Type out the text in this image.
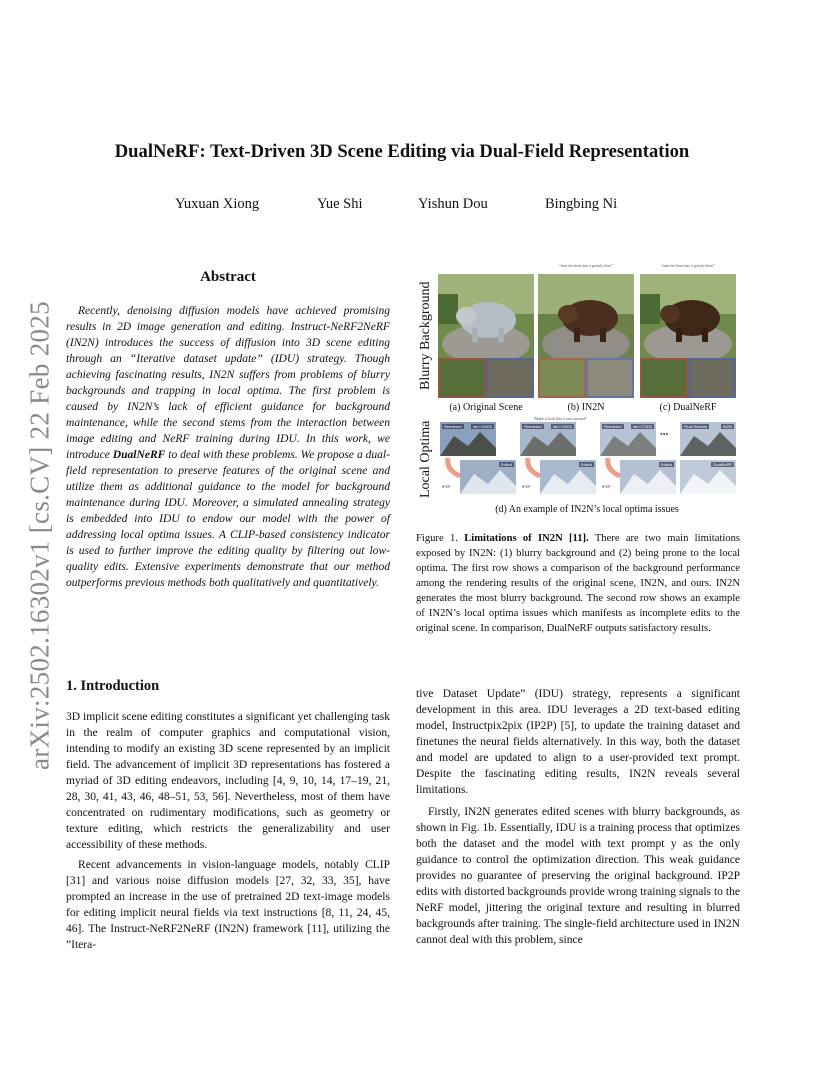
arXiv:2502.16302v1 [cs.CV] 22 Feb 2025
DualNeRF: Text-Driven 3D Scene Editing via Dual-Field Representation
Yuxuan Xiong	Yue Shi	Yishun Dou	Bingbing Ni
Abstract
Recently, denoising diffusion models have achieved promising results in 2D image generation and editing. Instruct-NeRF2NeRF (IN2N) introduces the success of diffusion into 3D scene editing through an “Iterative dataset update” (IDU) strategy. Though achieving fascinating results, IN2N suffers from problems of blurry backgrounds and trapping in local optima. The first problem is caused by IN2N’s lack of efficient guidance for background maintenance, while the second stems from the interaction between image editing and NeRF training during IDU. In this work, we introduce DualNeRF to deal with these problems. We propose a dual-field representation to preserve features of the original scene and utilize them as additional guidance to the model for background maintenance during IDU. Moreover, a simulated annealing strategy is embedded into IDU to endow our model with the power of addressing local optima issues. A CLIP-based consistency indicator is used to further improve the editing quality by filtering out low-quality edits. Extensive experiments demonstrate that our method outperforms previous methods both qualitatively and quantitatively.
Blurry Background
Local Optima
“turn the bear into a grizzly bear”	“turn the bear into a grizzly bear”
(a) Original Scene	(b) IN2N	(c) DualNeRF
“Make it look like it just snowed”
Rendered	Iter=10500	Rendered	Iter=13000	Rendered	Iter=17300
•••
Final Results	IN2N
IP2P	IP2P	IP2P
Edited	Edited	Edited	DualNeRF
(d) An example of IN2N’s local optima issues
Figure 1. Limitations of IN2N [11]. There are two main limitations exposed by IN2N: (1) blurry background and (2) being prone to the local optima. The first row shows a comparison of the background performance among the rendering results of the original scene, IN2N, and ours. IN2N generates the most blurry background. The second row shows an example of IN2N’s local optima issues which manifests as incomplete edits to the original scene. In comparison, DualNeRF outputs satisfactory results.
1. Introduction

3D implicit scene editing constitutes a significant yet challenging task in the realm of computer graphics and computational vision, intending to modify an existing 3D scene represented by an implicit field. The advancement of implicit 3D representations has fostered a myriad of 3D editing endeavors, including [4, 9, 10, 14, 17–19, 21, 28, 30, 41, 43, 46, 48–51, 53, 56]. Nevertheless, most of them have concentrated on rudimentary modifications, such as geometry or texture editing, which restricts the generalizability and user accessibility of these methods.

Recent advancements in vision-language models, notably CLIP [31] and various noise diffusion models [27, 32, 33, 35], have prompted an increase in the use of pretrained 2D text-image models for editing implicit neural fields via text instructions [8, 11, 24, 45, 46]. The Instruct-NeRF2NeRF (IN2N) framework [11], utilizing the ”Itera-

tive Dataset Update” (IDU) strategy, represents a significant development in this area. IDU leverages a 2D text-based editing model, Instructpix2pix (IP2P) [5], to update the training dataset and finetunes the neural fields alternatively. In this way, both the dataset and model are updated to align to a user-provided text prompt. Despite the fascinating editing results, IN2N reveals several limitations.

Firstly, IN2N generates edited scenes with blurry backgrounds, as shown in Fig. 1b. Essentially, IDU is a training process that optimizes both the dataset and the model with text prompt y as the only guidance to control the optimization direction. This weak guidance provides no guarantee of preserving the original background. IP2P edits with distorted backgrounds provide wrong training signals to the NeRF model, jittering the original texture and resulting in blurred backgrounds after training. The single-field architecture used in IN2N cannot deal with this problem, since
